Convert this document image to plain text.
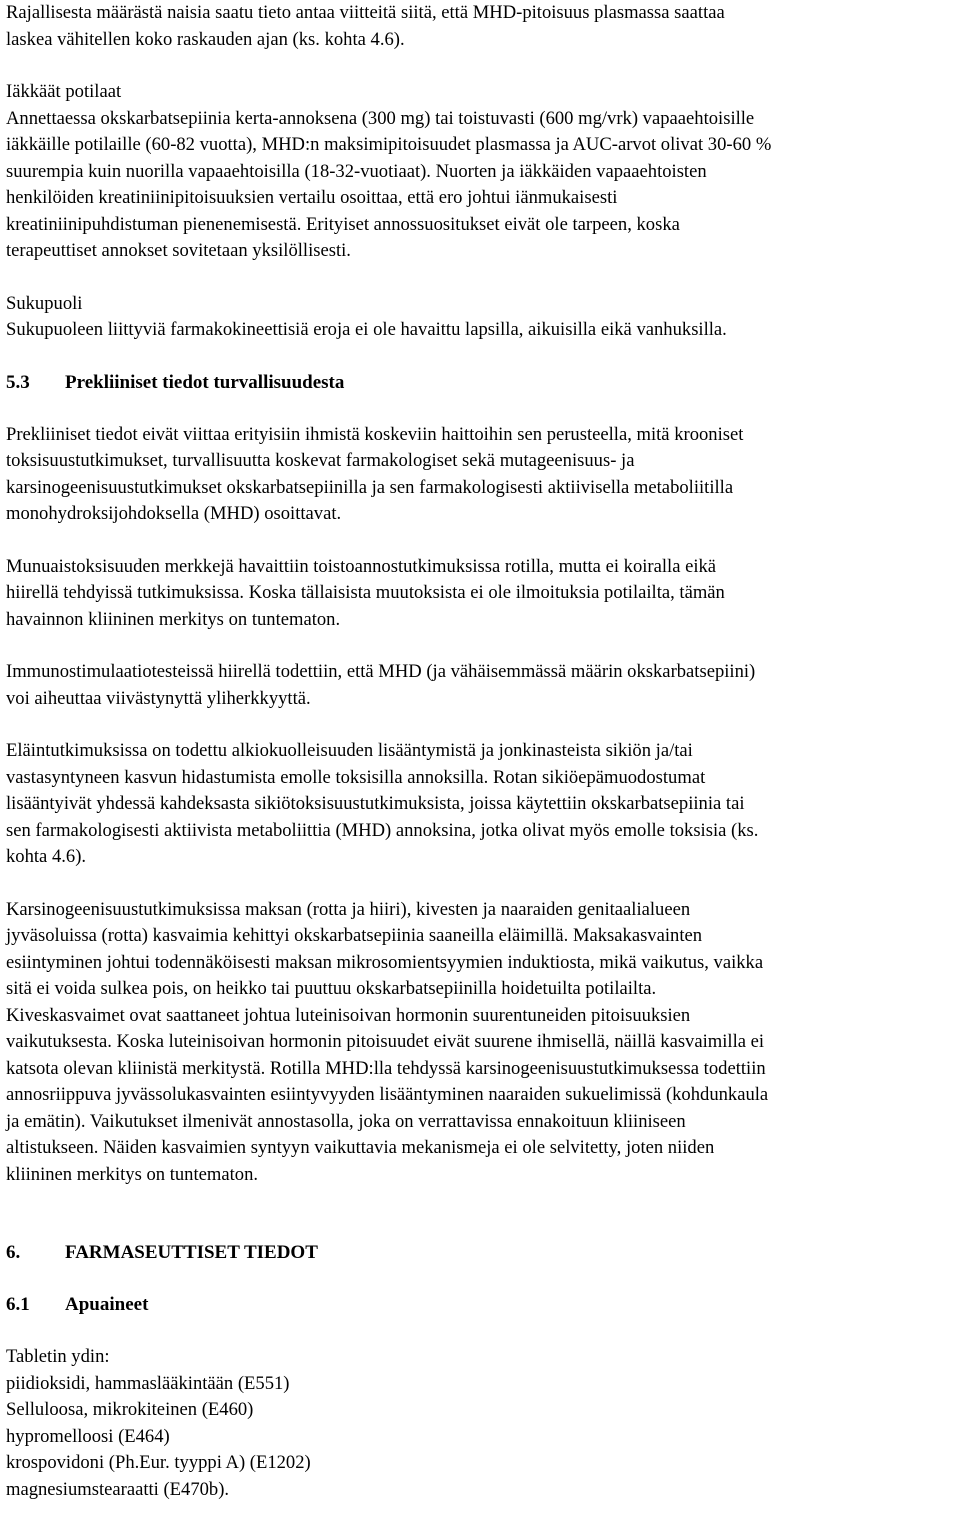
Rajallisesta määrästä naisia saatu tieto antaa viitteitä siitä, että MHD-pitoisuus plasmassa saattaa
laskea vähitellen koko raskauden ajan (ks. kohta 4.6).
Iäkkäät potilaat
Annettaessa okskarbatsepiinia kerta-annoksena (300 mg) tai toistuvasti (600 mg/vrk) vapaaehtoisille
iäkkäille potilaille (60-82 vuotta), MHD:n maksimipitoisuudet plasmassa ja AUC-arvot olivat 30-60 %
suurempia kuin nuorilla vapaaehtoisilla (18-32-vuotiaat). Nuorten ja iäkkäiden vapaaehtoisten
henkilöiden kreatiniinipitoisuuksien vertailu osoittaa, että ero johtui iänmukaisesti
kreatiniinipuhdistuman pienenemisestä. Erityiset annossuositukset eivät ole tarpeen, koska
terapeuttiset annokset sovitetaan yksilöllisesti.
Sukupuoli
Sukupuoleen liittyviä farmakokineettisiä eroja ei ole havaittu lapsilla, aikuisilla eikä vanhuksilla.
5.3 Prekliiniset tiedot turvallisuudesta
Prekliiniset tiedot eivät viittaa erityisiin ihmistä koskeviin haittoihin sen perusteella, mitä krooniset
toksisuustutkimukset, turvallisuutta koskevat farmakologiset sekä mutageenisuus- ja
karsinogeenisuustutkimukset okskarbatsepiinilla ja sen farmakologisesti aktiivisella metaboliitilla
monohydroksijohdoksella (MHD) osoittavat.
Munuaistoksisuuden merkkejä havaittiin toistoannostutkimuksissa rotilla, mutta ei koiralla eikä
hiirellä tehdyissä tutkimuksissa. Koska tällaisista muutoksista ei ole ilmoituksia potilailta, tämän
havainnon kliininen merkitys on tuntematon.
Immunostimulaatiotesteissä hiirellä todettiin, että MHD (ja vähäisemmässä määrin okskarbatsepiini)
voi aiheuttaa viivästynyttä yliherkkyyttä.
Eläintutkimuksissa on todettu alkiokuolleisuuden lisääntymistä ja jonkinasteista sikiön ja/tai
vastasyntyneen kasvun hidastumista emolle toksisilla annoksilla. Rotan sikiöepämuodostumat
lisääntyivät yhdessä kahdeksasta sikiötoksisuustutkimuksista, joissa käytettiin okskarbatsepiinia tai
sen farmakologisesti aktiivista metaboliittia (MHD) annoksina, jotka olivat myös emolle toksisia (ks.
kohta 4.6).
Karsinogeenisuustutkimuksissa maksan (rotta ja hiiri), kivesten ja naaraiden genitaalialueen
jyväsoluissa (rotta) kasvaimia kehittyi okskarbatsepiinia saaneilla eläimillä. Maksakasvainten
esiintyminen johtui todennäköisesti maksan mikrosomientsyymien induktiosta, mikä vaikutus, vaikka
sitä ei voida sulkea pois, on heikko tai puuttuu okskarbatsepiinilla hoidetuilta potilailta.
Kiveskasvaimet ovat saattaneet johtua luteinisoivan hormonin suurentuneiden pitoisuuksien
vaikutuksesta. Koska luteinisoivan hormonin pitoisuudet eivät suurene ihmisellä, näillä kasvaimilla ei
katsota olevan kliinistä merkitystä. Rotilla MHD:lla tehdyssä karsinogeenisuustutkimuksessa todettiin
annosriippuva jyvässolukasvainten esiintyvyyden lisääntyminen naaraiden sukuelimissä (kohdunkaula
ja emätin). Vaikutukset ilmenivät annostasolla, joka on verrattavissa ennakoituun kliiniseen
altistukseen. Näiden kasvaimien syntyyn vaikuttavia mekanismeja ei ole selvitetty, joten niiden
kliininen merkitys on tuntematon.
6. FARMASEUTTISET TIEDOT
6.1 Apuaineet
Tabletin ydin:
piidioksidi, hammaslääkintään (E551)
Selluloosa, mikrokiteinen (E460)
hypromelloosi (E464)
krospovidoni (Ph.Eur. tyyppi A) (E1202)
magnesiumstearaatti (E470b).
